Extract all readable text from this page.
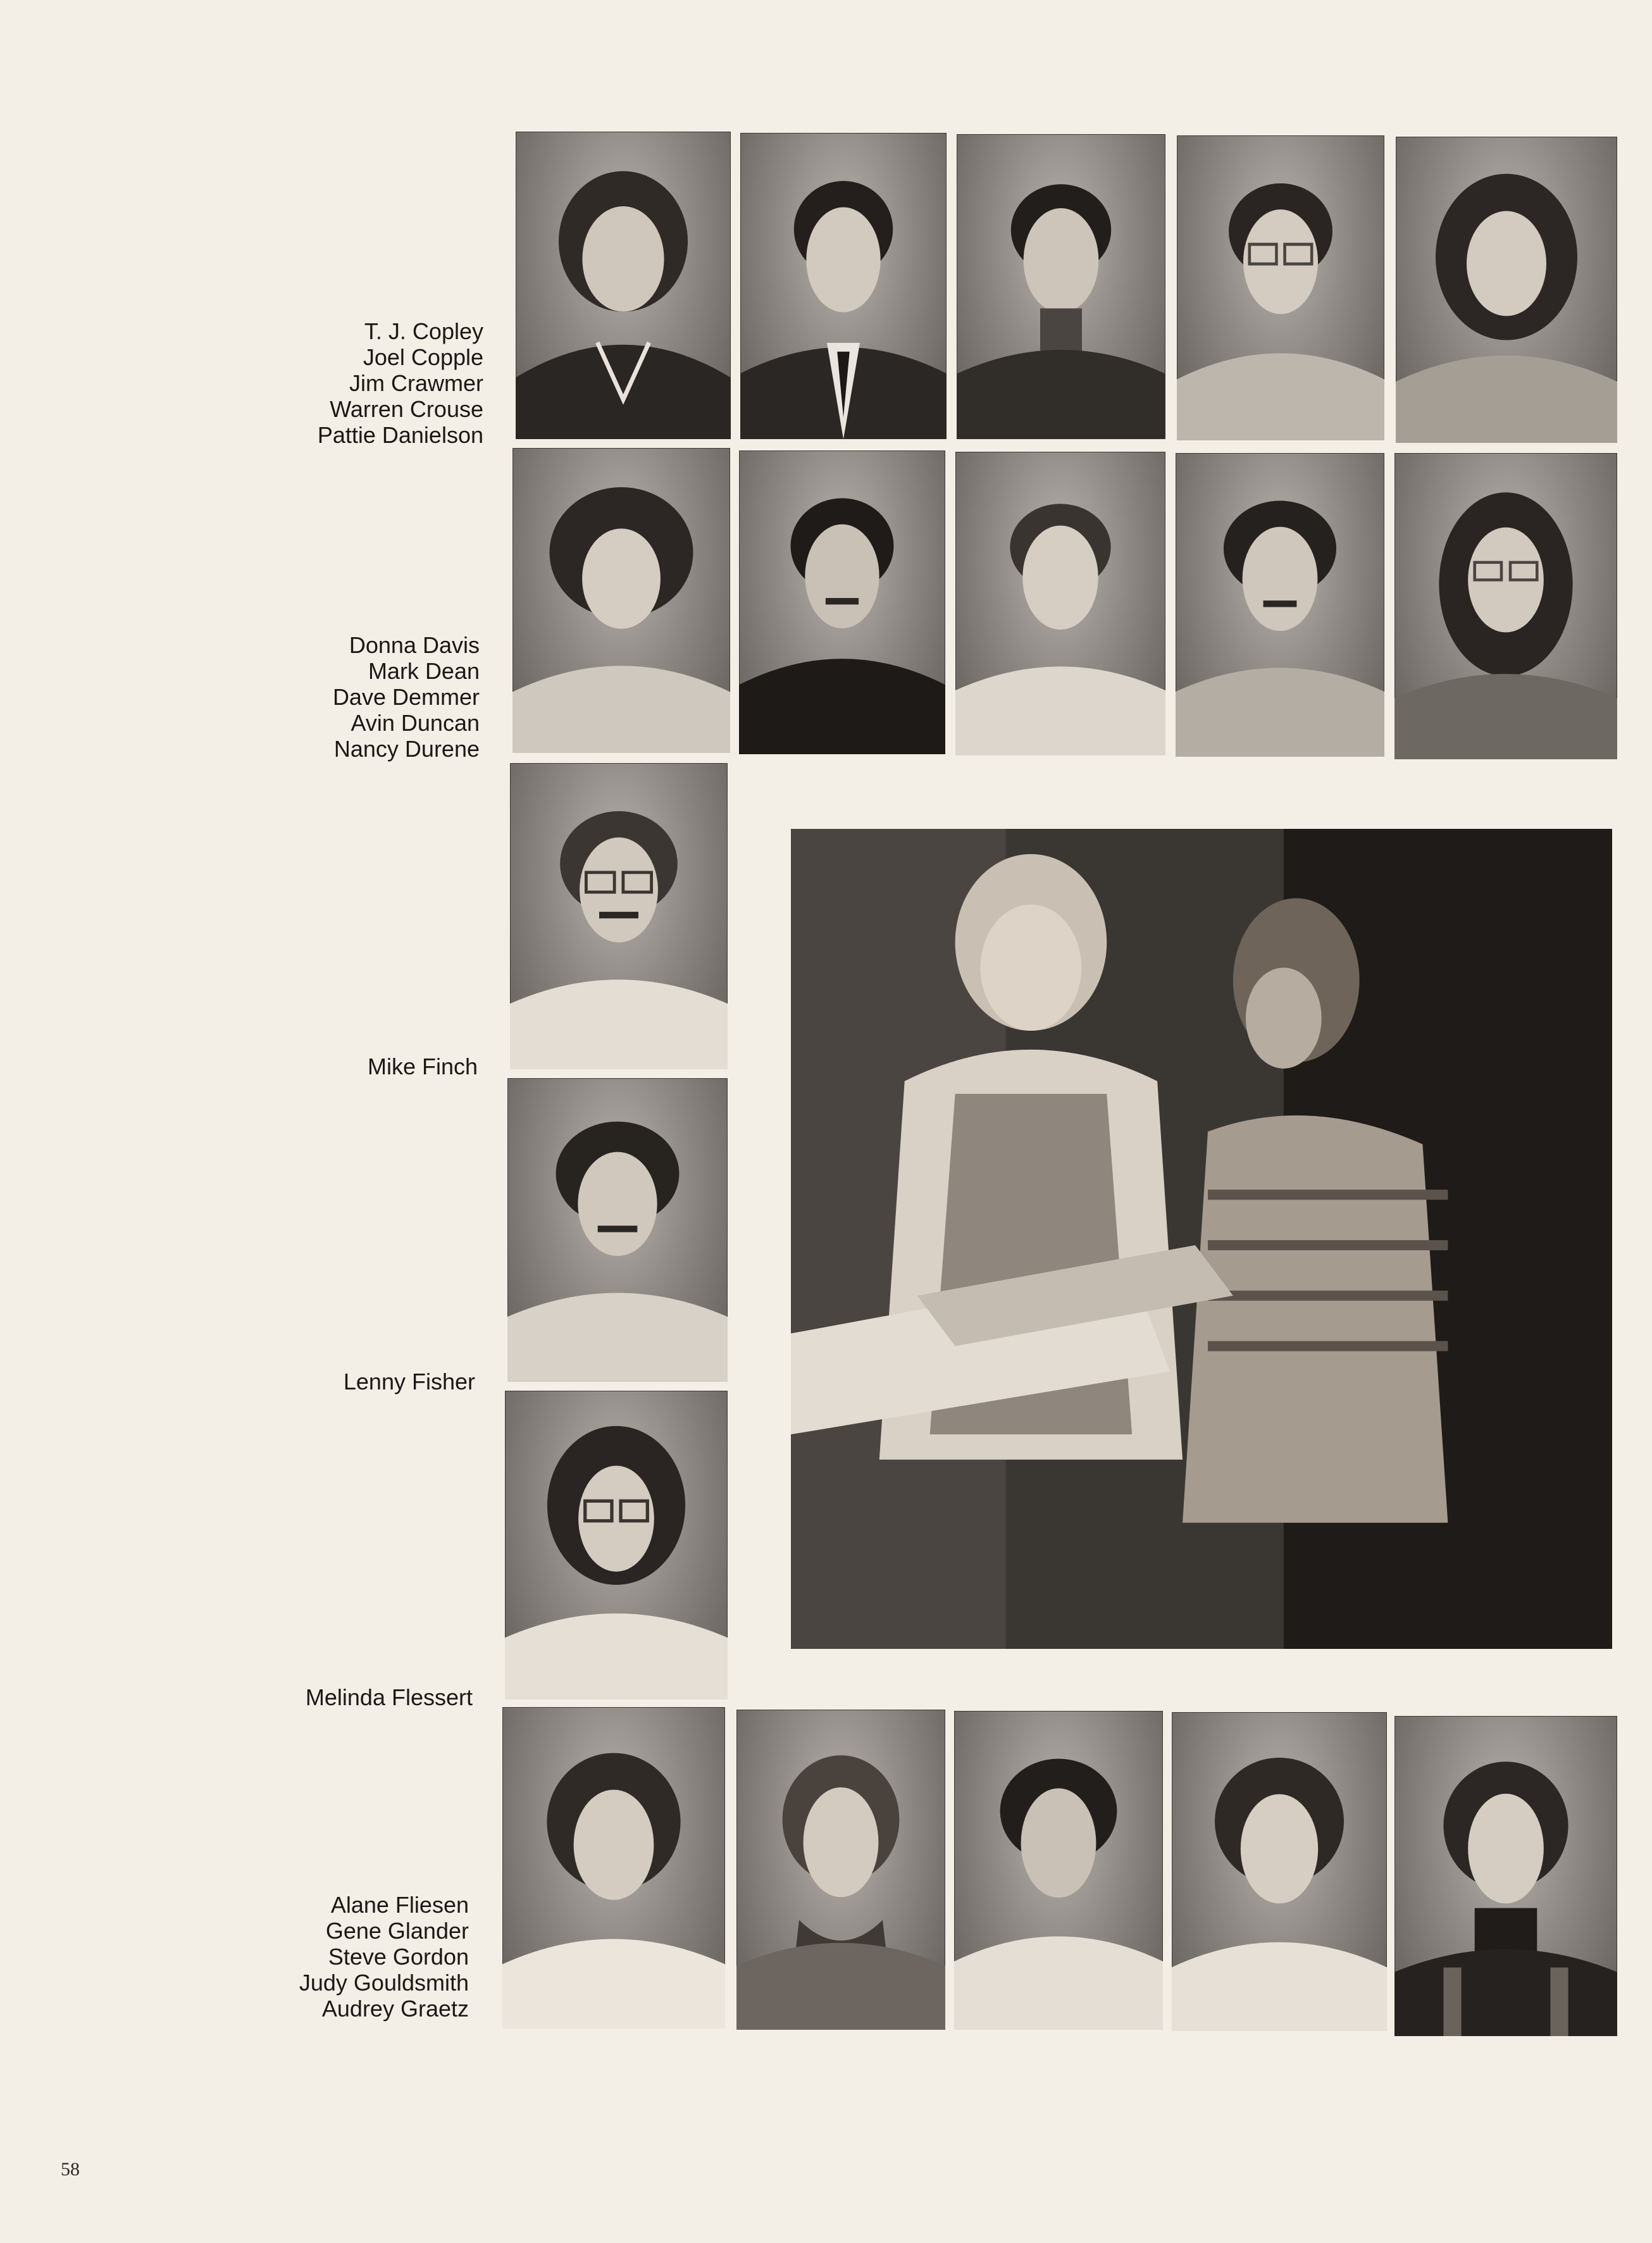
T. J. Copley
Joel Copple
Jim Crawmer
Warren Crouse
Pattie Danielson
Donna Davis
Mark Dean
Dave Demmer
Avin Duncan
Nancy Durene
Mike Finch
Lenny Fisher
Melinda Flessert
Alane Fliesen
Gene Glander
Steve Gordon
Judy Gouldsmith
Audrey Graetz
58
